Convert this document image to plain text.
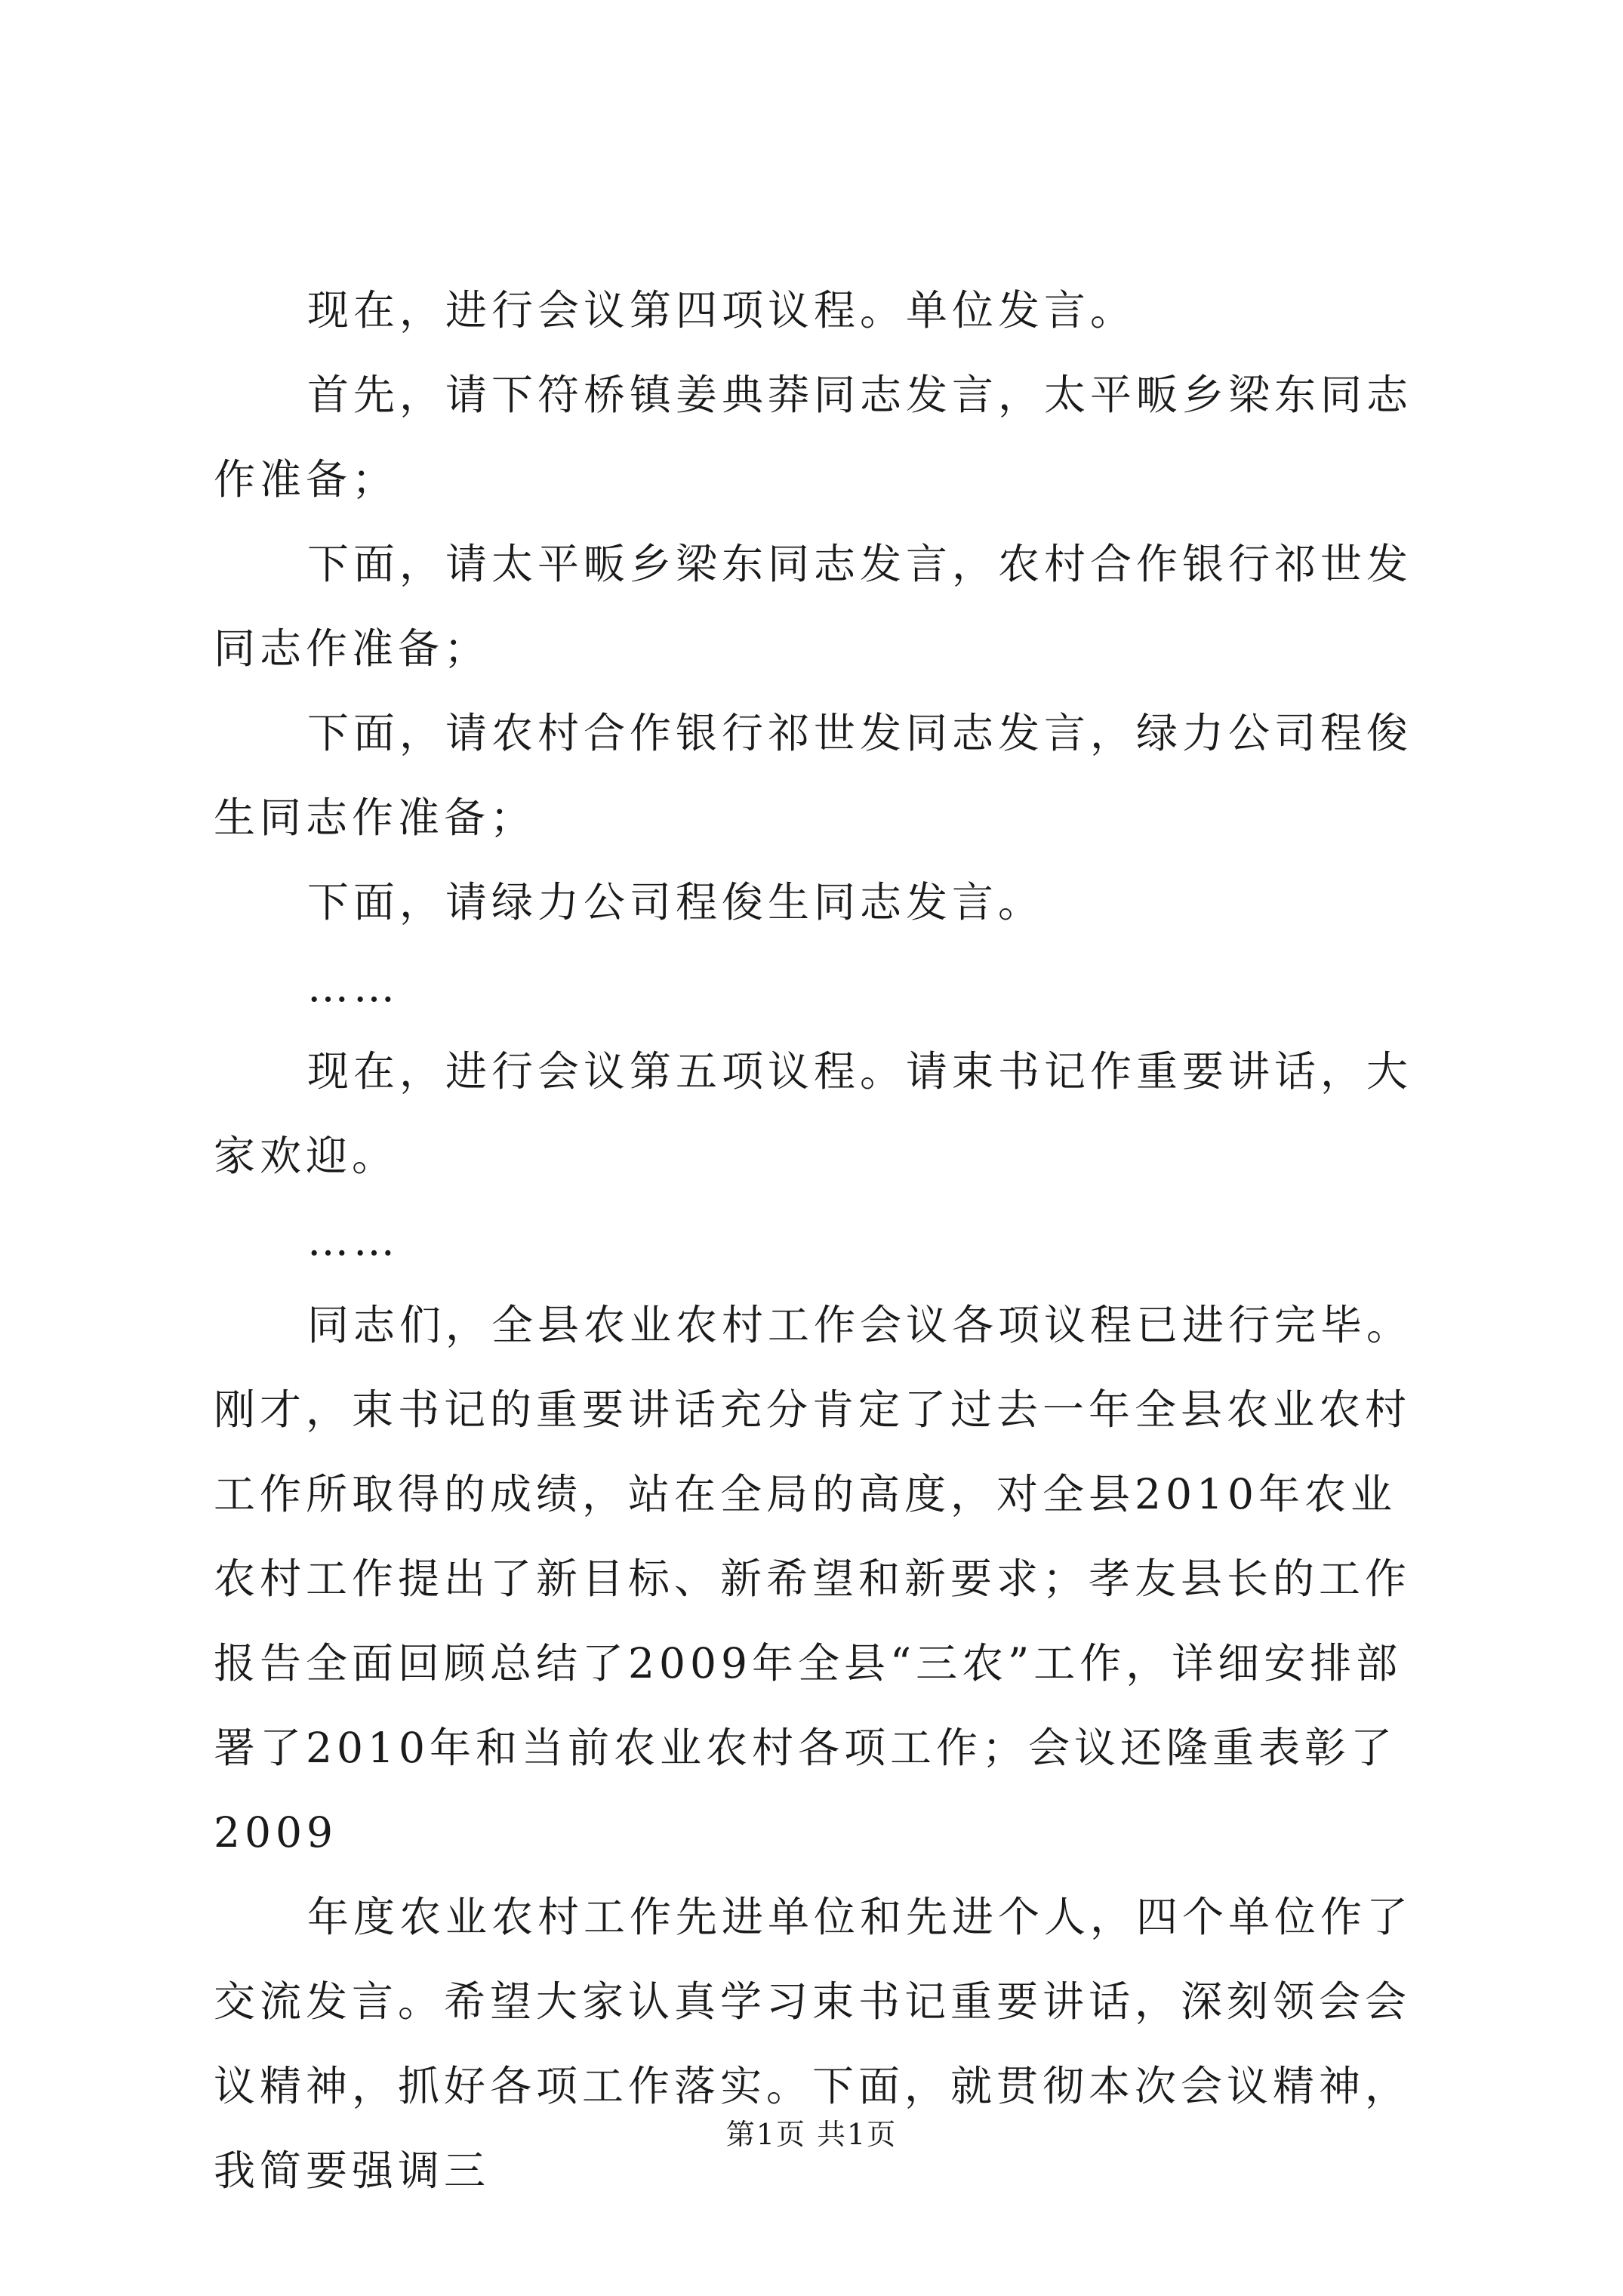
现在，进行会议第四项议程。单位发言。

首先，请下符桥镇姜典莽同志发言，太平畈乡梁东同志作准备；

下面，请太平畈乡梁东同志发言，农村合作银行祁世发同志作准备；

下面，请农村合作银行祁世发同志发言，绿力公司程俊生同志作准备；

下面，请绿力公司程俊生同志发言。

……

现在，进行会议第五项议程。请束书记作重要讲话，大家欢迎。

……

同志们，全县农业农村工作会议各项议程已进行完毕。刚才，束书记的重要讲话充分肯定了过去一年全县农业农村工作所取得的成绩，站在全局的高度，对全县2010年农业农村工作提出了新目标、新希望和新要求；孝友县长的工作报告全面回顾总结了2009年全县“三农”工作，详细安排部署了2010年和当前农业农村各项工作；会议还隆重表彰了2009

年度农业农村工作先进单位和先进个人，四个单位作了交流发言。希望大家认真学习束书记重要讲话，深刻领会会议精神，抓好各项工作落实。下面，就贯彻本次会议精神，我简要强调三

第1页 共1页
